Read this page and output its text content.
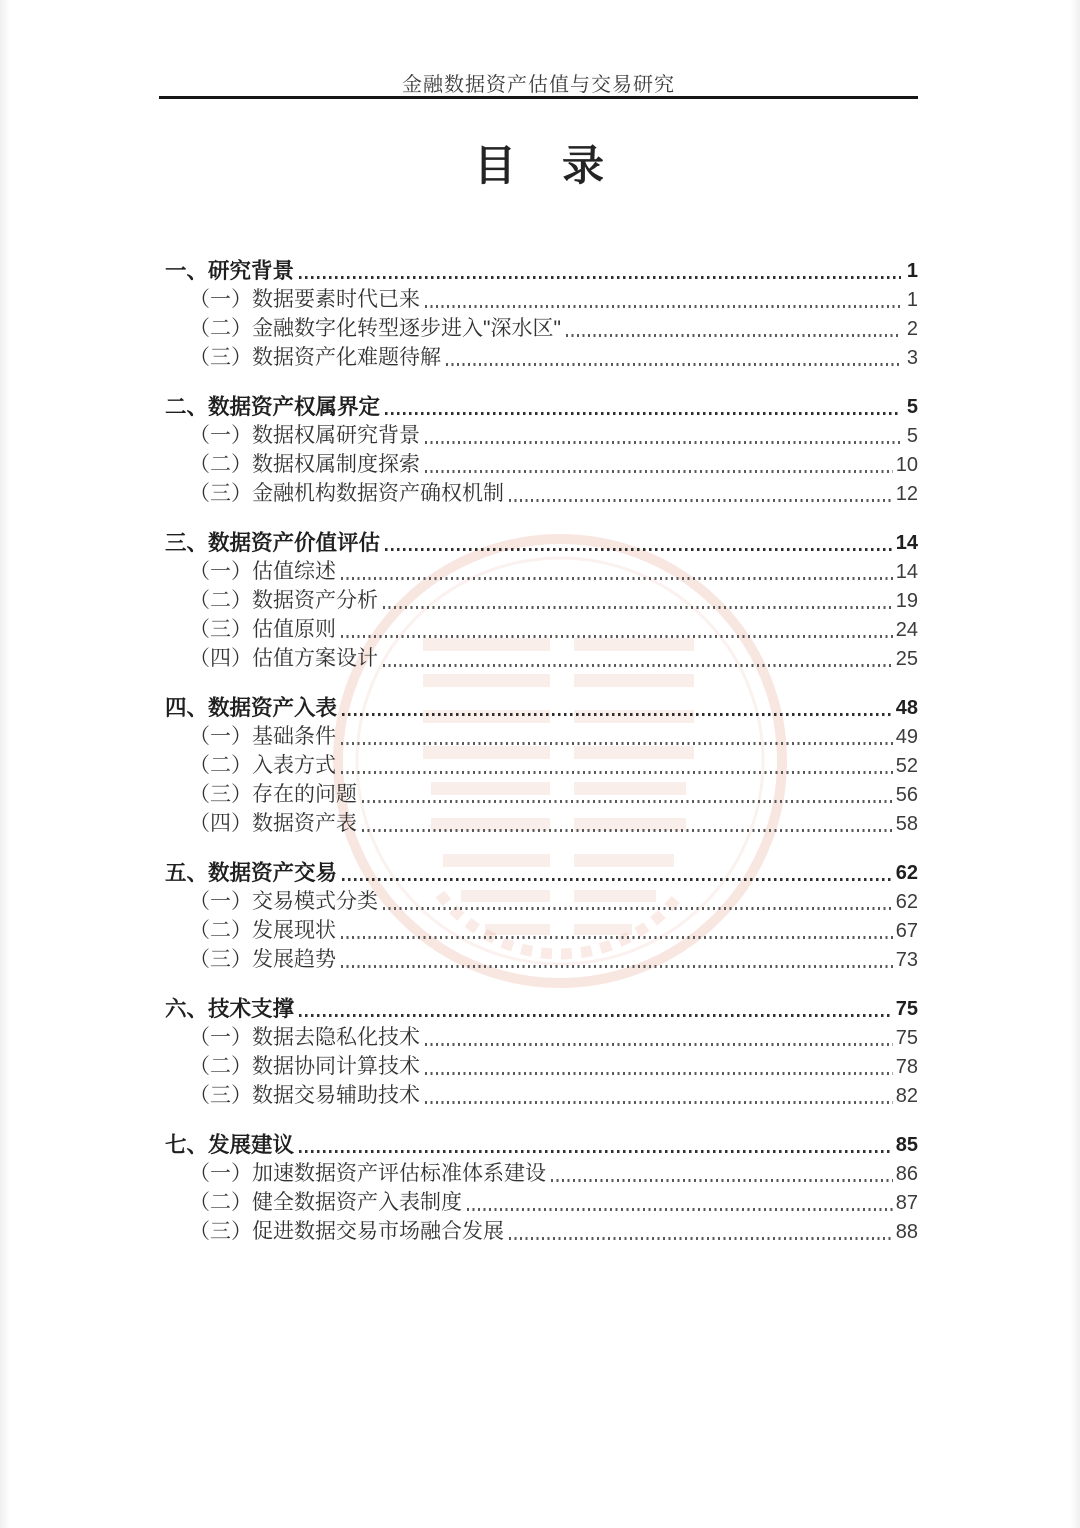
金融数据资产估值与交易研究
目　录
一、研究背景	1
（一）数据要素时代已来	1
（二）金融数字化转型逐步进入"深水区"	2
（三）数据资产化难题待解	3
二、数据资产权属界定	5
（一）数据权属研究背景	5
（二）数据权属制度探索	10
（三）金融机构数据资产确权机制	12
三、数据资产价值评估	14
（一）估值综述	14
（二）数据资产分析	19
（三）估值原则	24
（四）估值方案设计	25
四、数据资产入表	48
（一）基础条件	49
（二）入表方式	52
（三）存在的问题	56
（四）数据资产表	58
五、数据资产交易	62
（一）交易模式分类	62
（二）发展现状	67
（三）发展趋势	73
六、技术支撑	75
（一）数据去隐私化技术	75
（二）数据协同计算技术	78
（三）数据交易辅助技术	82
七、发展建议	85
（一）加速数据资产评估标准体系建设	86
（二）健全数据资产入表制度	87
（三）促进数据交易市场融合发展	88
